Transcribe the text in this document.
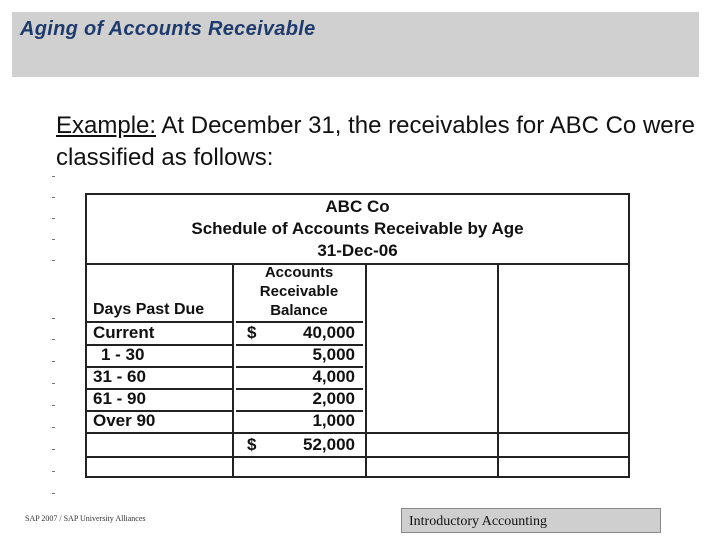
Aging of Accounts Receivable
Example: At December 31, the receivables for ABC Co were classified as follows:
ABC Co
Schedule of Accounts Receivable by Age
31-Dec-06
Accounts
Receivable
Balance
Days Past Due
Current	$	40,000
1 - 30	5,000
31 - 60	4,000
61 - 90	2,000
Over 90	1,000
$	52,000
SAP 2007 / SAP University Alliances	Introductory Accounting
